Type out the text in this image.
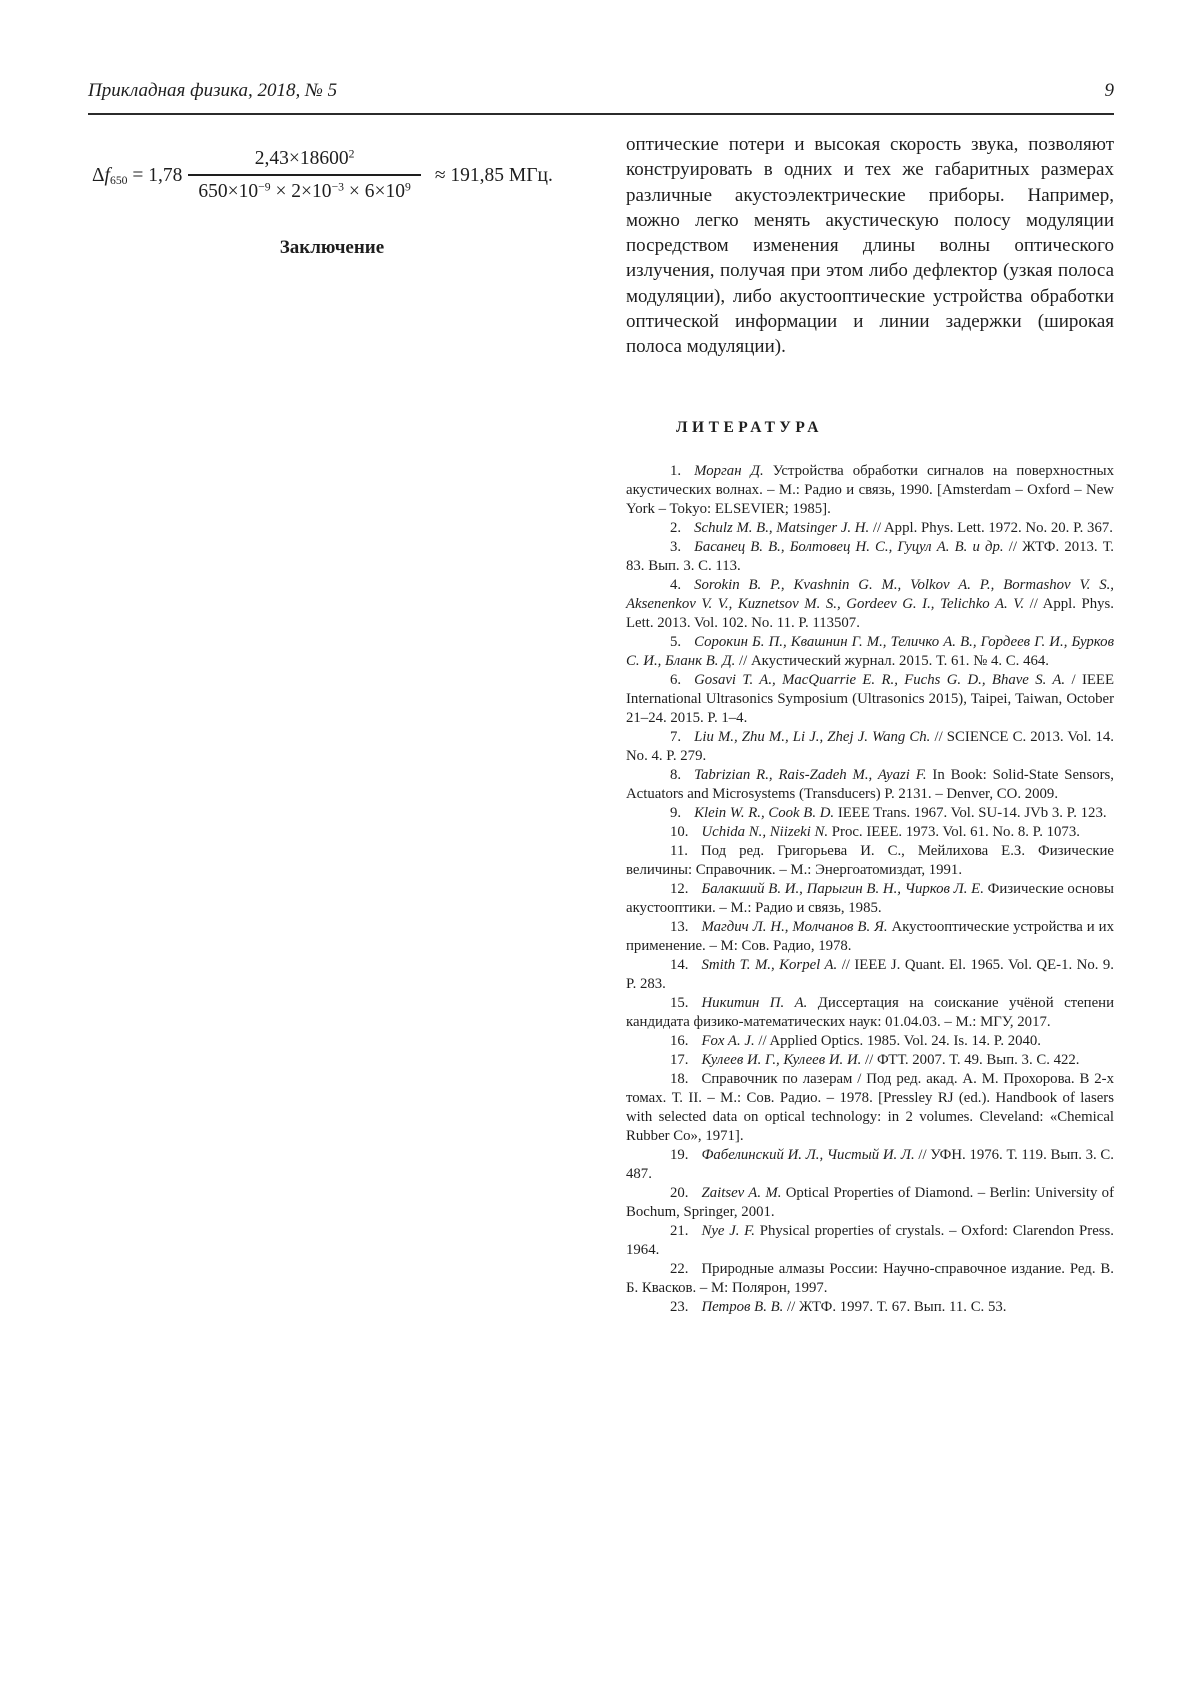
Прикладная физика, 2018, № 5	9

$\Delta f_{650} = 1,78 \frac{2,43\times 18600^2}{650\times 10^{-9} \times 2\times 10^{-3} \times 6\times 10^9} \approx 191,85$ МГц.

Заключение

оптические потери и высокая скорость звука, позволяют конструировать в одних и тех же габаритных размерах различные акустоэлектрические приборы. Например, можно легко менять акустическую полосу модуляции посредством изменения длины волны оптического излучения, получая при этом либо дефлектор (узкая полоса модуляции), либо акустооптические устройства обработки оптической информации и линии задержки (широкая полоса модуляции).

ЛИТЕРАТУРА

1. Морган Д. Устройства обработки сигналов на поверхностных акустических волнах. – М.: Радио и связь, 1990. [Amsterdam – Oxford – New York – Tokyo: ELSEVIER; 1985].

2. Schulz M. B., Matsinger J. H. // Appl. Phys. Lett. 1972. No. 20. P. 367.

3. Басанец В. В., Болтовец Н. С., Гуцул А. В. и др. // ЖТФ. 2013. Т. 83. Вып. 3. С. 113.

4. Sorokin B. P., Kvashnin G. M., Volkov A. P., Bormashov V. S., Aksenenkov V. V., Kuznetsov M. S., Gordeev G. I., Telichko A. V. // Appl. Phys. Lett. 2013. Vol. 102. No. 11. P. 113507.

5. Сорокин Б. П., Квашнин Г. М., Теличко А. В., Гордеев Г. И., Бурков С. И., Бланк В. Д. // Акустический журнал. 2015. Т. 61. № 4. С. 464.

6. Gosavi T. A., MacQuarrie E. R., Fuchs G. D., Bhave S. A. / IEEE International Ultrasonics Symposium (Ultrasonics 2015), Taipei, Taiwan, October 21–24. 2015. P. 1–4.

7. Liu M., Zhu M., Li J., Zhej J. Wang Ch. // SCIENCE C. 2013. Vol. 14. No. 4. P. 279.

8. Tabrizian R., Rais-Zadeh M., Ayazi F. In Book: Solid-State Sensors, Actuators and Microsystems (Transducers) P. 2131. – Denver, CO. 2009.

9. Klein W. R., Cook B. D. IEEE Trans. 1967. Vol. SU-14. JVb 3. P. 123.

10. Uchida N., Niizeki N. Proc. IEEE. 1973. Vol. 61. No. 8. P. 1073.

11. Под ред. Григорьева И. С., Мейлихова Е.З. Физические величины: Справочник. – М.: Энергоатомиздат, 1991.

12. Балакший В. И., Парыгин В. Н., Чирков Л. Е. Физические основы акустооптики. – М.: Радио и связь, 1985.

13. Магдич Л. Н., Молчанов В. Я. Акустооптические устройства и их применение. – М: Сов. Радио, 1978.

14. Smith T. M., Korpel A. // IEEE J. Quant. El. 1965. Vol. QE-1. No. 9. P. 283.

15. Никитин П. А. Диссертация на соискание учёной степени кандидата физико-математических наук: 01.04.03. – М.: МГУ, 2017.

16. Fox A. J. // Applied Optics. 1985. Vol. 24. Is. 14. P. 2040.

17. Кулеев И. Г., Кулеев И. И. // ФТТ. 2007. Т. 49. Вып. 3. С. 422.

18. Справочник по лазерам / Под ред. акад. А. М. Прохорова. В 2-х томах. Т. II. – М.: Сов. Радио. – 1978. [Pressley RJ (ed.). Handbook of lasers with selected data on optical technology: in 2 volumes. Cleveland: «Chemical Rubber Co», 1971].

19. Фабелинский И. Л., Чистый И. Л. // УФН. 1976. Т. 119. Вып. 3. С. 487.

20. Zaitsev A. M. Optical Properties of Diamond. – Berlin: University of Bochum, Springer, 2001.

21. Nye J. F. Physical properties of crystals. – Oxford: Clarendon Press. 1964.

22. Природные алмазы России: Научно-справочное издание. Ред. В. Б. Квасков. – М: Полярон, 1997.

23. Петров В. В. // ЖТФ. 1997. Т. 67. Вып. 11. С. 53.
